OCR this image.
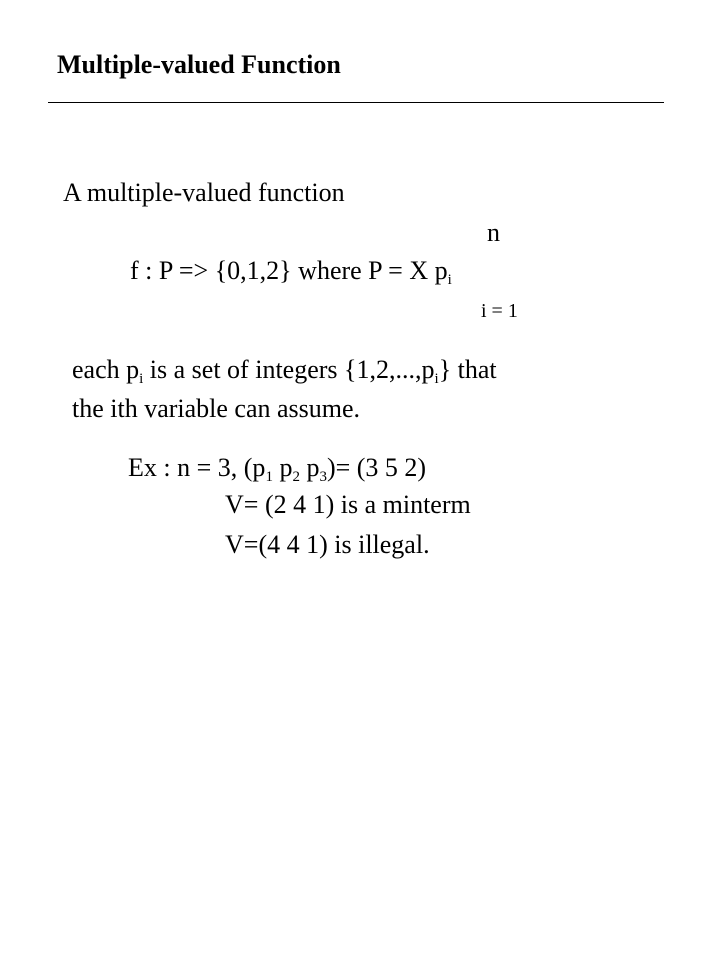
Multiple-valued Function
A multiple-valued function
n
f : P => {0,1,2} where P = X $p_i$
i = 1
each $p_i$ is a set of integers $\{1,2,...,p_i\}$ that
the ith variable can assume.
Ex : n = 3, ($p_1$ $p_2$ $p_3)= (3$ 5 2)
V= (2 4 1) is a minterm
V=(4 4 1) is illegal.
